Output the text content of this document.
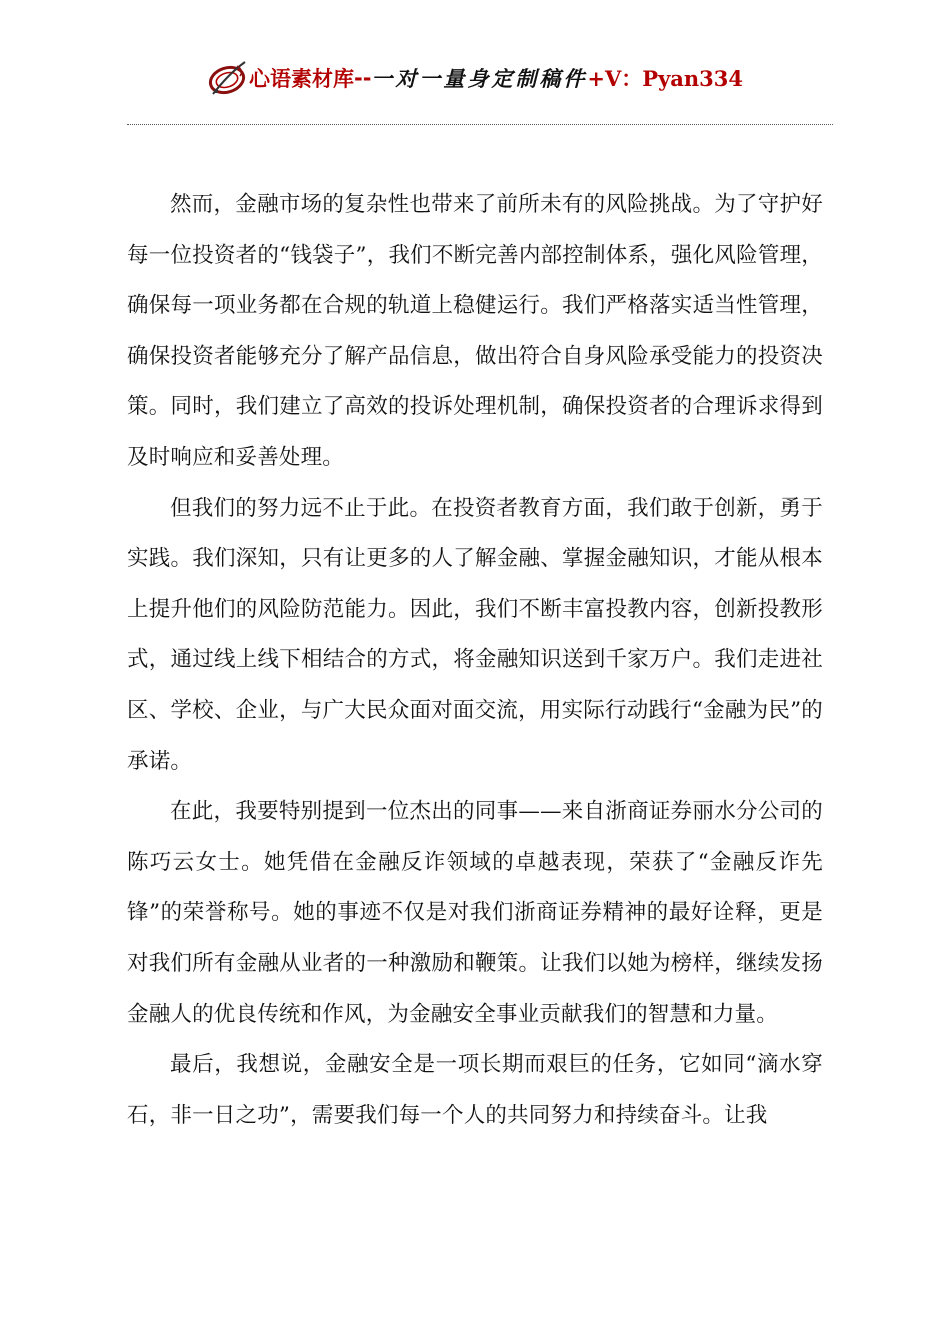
心语素材库 -- 一对一量身定制稿件 +V：Pyan334

然而，金融市场的复杂性也带来了前所未有的风险挑战。为了守护好每一位投资者的“钱袋子”，我们不断完善内部控制体系，强化风险管理，确保每一项业务都在合规的轨道上稳健运行。我们严格落实适当性管理，确保投资者能够充分了解产品信息，做出符合自身风险承受能力的投资决策。同时，我们建立了高效的投诉处理机制，确保投资者的合理诉求得到及时响应和妥善处理。

但我们的努力远不止于此。在投资者教育方面，我们敢于创新，勇于实践。我们深知，只有让更多的人了解金融、掌握金融知识，才能从根本上提升他们的风险防范能力。因此，我们不断丰富投教内容，创新投教形式，通过线上线下相结合的方式，将金融知识送到千家万户。我们走进社区、学校、企业，与广大民众面对面交流，用实际行动践行“金融为民”的承诺。

在此，我要特别提到一位杰出的同事——来自浙商证券丽水分公司的陈巧云女士。她凭借在金融反诈领域的卓越表现，荣获了“金融反诈先锋”的荣誉称号。她的事迹不仅是对我们浙商证券精神的最好诠释，更是对我们所有金融从业者的一种激励和鞭策。让我们以她为榜样，继续发扬金融人的优良传统和作风，为金融安全事业贡献我们的智慧和力量。

最后，我想说，金融安全是一项长期而艰巨的任务，它如同“滴水穿石，非一日之功”，需要我们每一个人的共同努力和持续奋斗。让我
